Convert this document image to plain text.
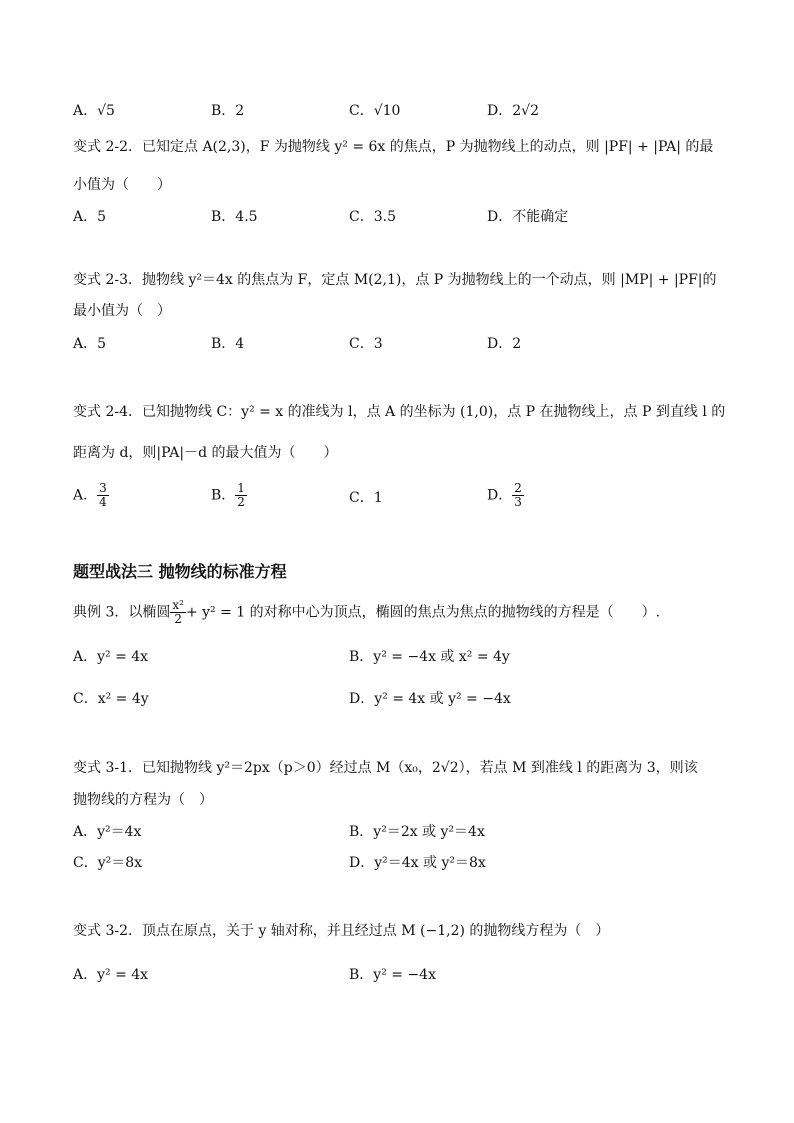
A．√5	B．2	C．√10	D．2√2
变式 2-2．已知定点 A(2,3)，F 为抛物线 y² = 6x 的焦点，P 为抛物线上的动点，则 |PF| + |PA| 的最
小值为（　　）
A．5	B．4.5	C．3.5	D．不能确定
变式 2-3．抛物线 y²＝4x 的焦点为 F，定点 M(2,1)，点 P 为抛物线上的一个动点，则 |MP| + |PF|的
最小值为（　）
A．5	B．4	C．3	D．2
变式 2-4．已知抛物线 C：y² = x 的准线为 l，点 A 的坐标为 (1,0)，点 P 在抛物线上，点 P 到直线 l 的
距离为 d，则|PA|－d 的最大值为（　　）
A． $\frac{3}{4}$	B． $\frac{1}{2}$	C．1	D． $\frac{2}{3}$
题型战法三 抛物线的标准方程
典例 3．以椭圆 $\frac{\text{x²}}{2} + y^2 = 1$ 的对称中心为顶点，椭圆的焦点为焦点的抛物线的方程是（　　）.
A．y² = 4x	B．y² = −4x 或 x² = 4y
C．x² = 4y	D．y² = 4x 或 y² = −4x
变式 3-1．已知抛物线 y²＝2px（p＞0）经过点 M（x₀，2√2），若点 M 到准线 l 的距离为 3，则该
抛物线的方程为（　）
A．y²＝4x	B．y²＝2x 或 y²＝4x
C．y²＝8x	D．y²＝4x 或 y²＝8x
变式 3-2．顶点在原点，关于 y 轴对称，并且经过点 M (−1,2) 的抛物线方程为（　）
A．y² = 4x	B．y² = −4x
